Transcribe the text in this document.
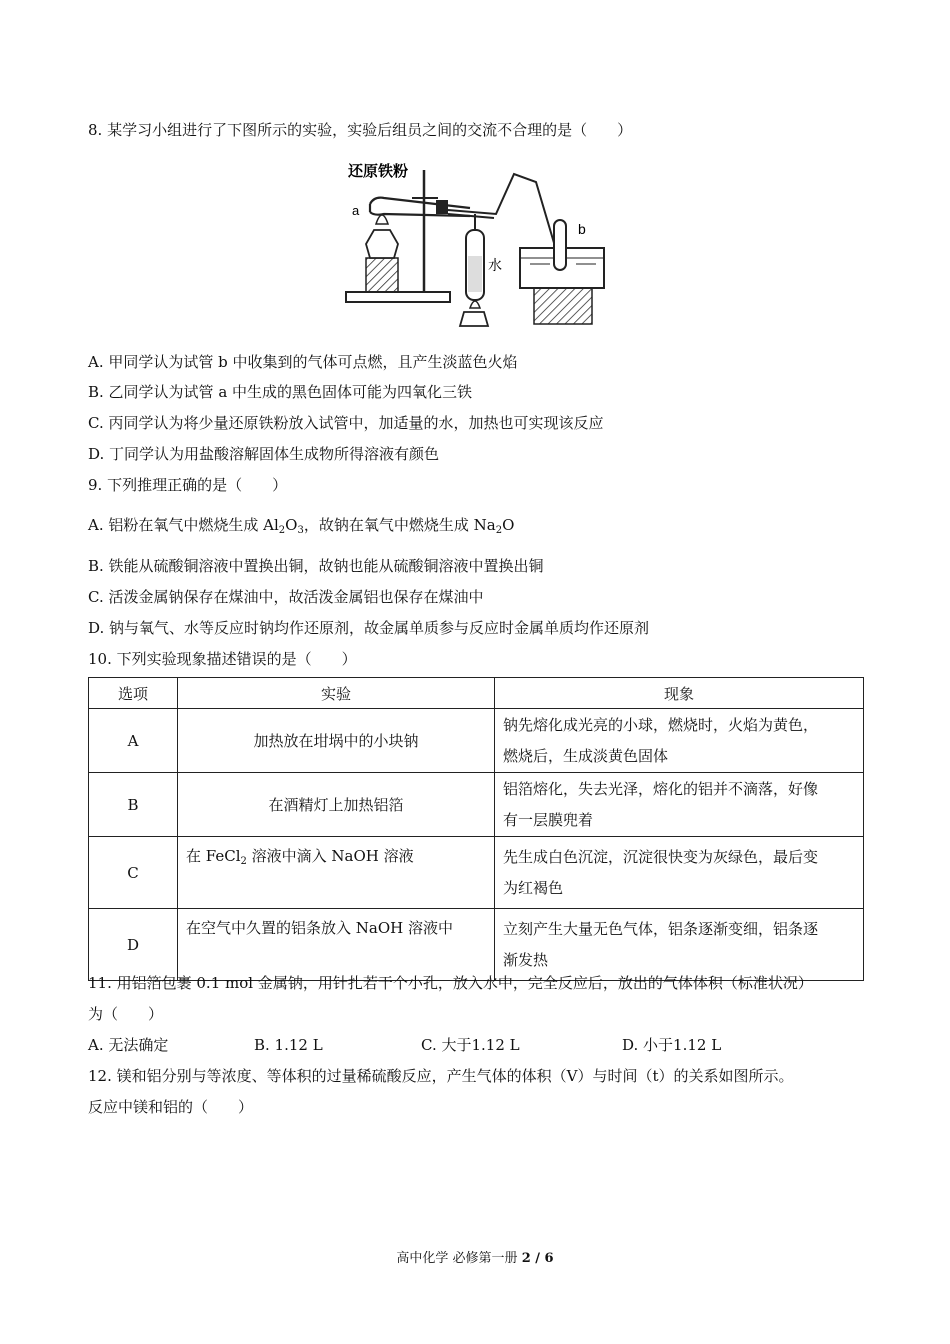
8. 某学习小组进行了下图所示的实验，实验后组员之间的交流不合理的是（　　）
还原铁粉
a
b
水
A. 甲同学认为试管 b 中收集到的气体可点燃，且产生淡蓝色火焰
B. 乙同学认为试管 a 中生成的黑色固体可能为四氧化三铁
C. 丙同学认为将少量还原铁粉放入试管中，加适量的水，加热也可实现该反应
D. 丁同学认为用盐酸溶解固体生成物所得溶液有颜色
9. 下列推理正确的是（　　）
A. 铝粉在氧气中燃烧生成 $Al_2O_3$，故钠在氧气中燃烧生成 $Na_2O$
B. 铁能从硫酸铜溶液中置换出铜，故钠也能从硫酸铜溶液中置换出铜
C. 活泼金属钠保存在煤油中，故活泼金属铝也保存在煤油中
D. 钠与氧气、水等反应时钠均作还原剂，故金属单质参与反应时金属单质均作还原剂
10. 下列实验现象描述错误的是（　　）
选项	实验	现象
A	加热放在坩埚中的小块钠	钠先熔化成光亮的小球，燃烧时，火焰为黄色，
燃烧后，生成淡黄色固体
B	在酒精灯上加热铝箔	铝箔熔化，失去光泽，熔化的铝并不滴落，好像
有一层膜兜着
C	在 FeCl$_2$ 溶液中滴入 NaOH 溶液	先生成白色沉淀，沉淀很快变为灰绿色，最后变
为红褐色
D	在空气中久置的铝条放入 NaOH 溶液中	立刻产生大量无色气体，铝条逐渐变细，铝条逐
渐发热
11. 用铝箔包裹 0.1 mol 金属钠，用针扎若干个小孔，放入水中，完全反应后，放出的气体体积（标准状况）
为（　　）
A. 无法确定	B. 1.12 L	C. 大于1.12 L	D. 小于1.12 L
12. 镁和铝分别与等浓度、等体积的过量稀硫酸反应，产生气体的体积（V）与时间（t）的关系如图所示。
反应中镁和铝的（　　）
高中化学 必修第一册 2 / 6
